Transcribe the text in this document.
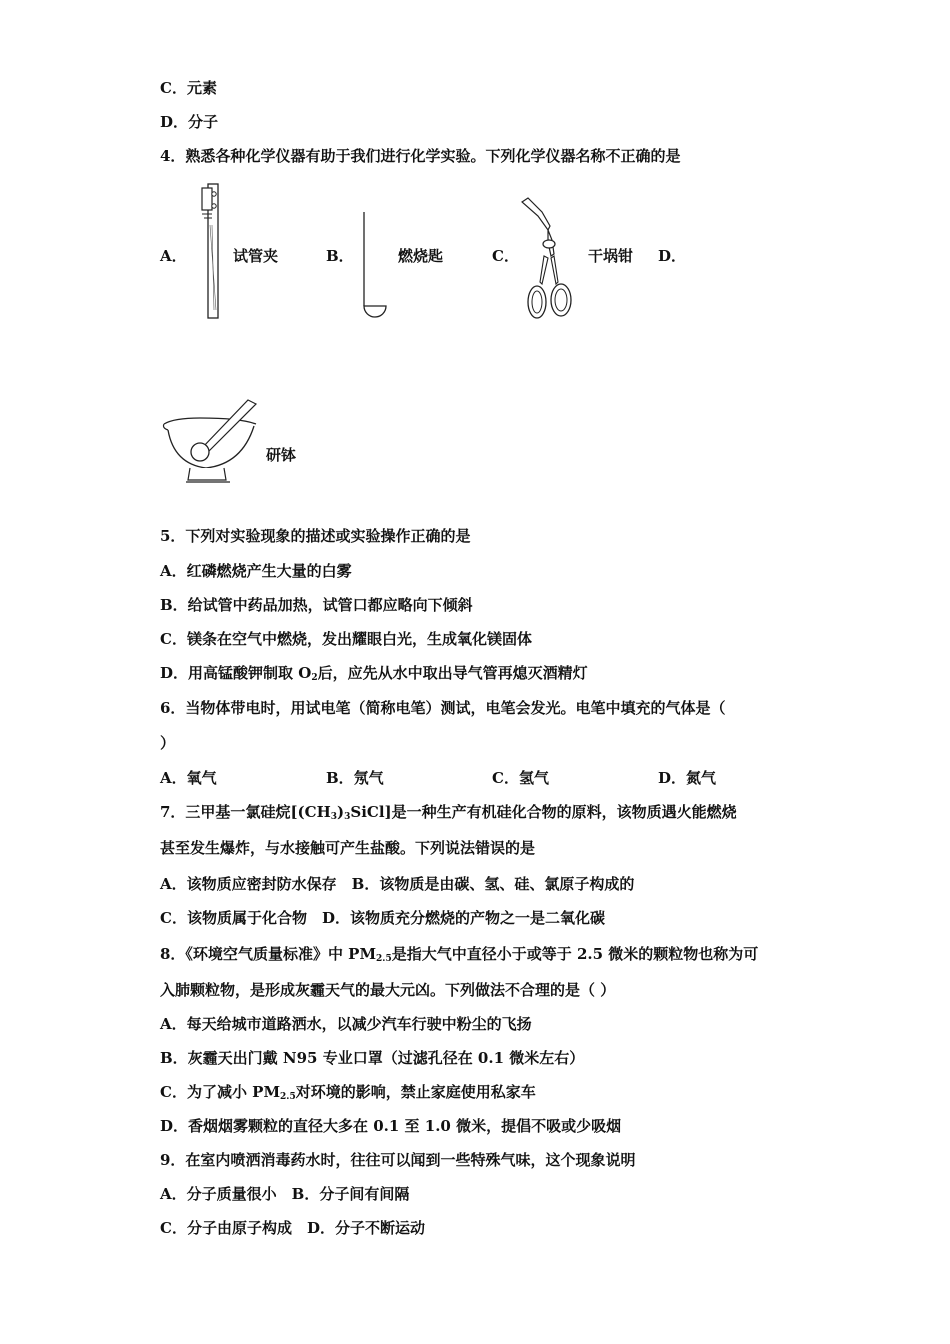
C．元素
D．分子
4．熟悉各种化学仪器有助于我们进行化学实验。下列化学仪器名称不正确的是
A．	试管夹	B．	燃烧匙	C．	干埚钳 D．
研钵
5．下列对实验现象的描述或实验操作正确的是
A．红磷燃烧产生大量的白雾
B．给试管中药品加热，试管口都应略向下倾斜
C．镁条在空气中燃烧，发出耀眼白光，生成氧化镁固体
D．用高锰酸钾制取 $O_2$后，应先从水中取出导气管再熄灭酒精灯
6．当物体带电时，用试电笔（简称电笔）测试，电笔会发光。电笔中填充的气体是（
）
A．氧气	B．氖气	C．氢气	D．氮气
7．三甲基一氯硅烷$[(CH_3)_3SiCl]$是一种生产有机硅化合物的原料，该物质遇火能燃烧
甚至发生爆炸，与水接触可产生盐酸。下列说法错误的是
A．该物质应密封防水保存　B．该物质是由碳、氢、硅、氯原子构成的
C．该物质属于化合物　D．该物质充分燃烧的产物之一是二氧化碳
8．《环境空气质量标准》中 $PM_{2.5}$是指大气中直径小于或等于 2.5 微米的颗粒物也称为可
入肺颗粒物，是形成灰霾天气的最大元凶。下列做法不合理的是（ ）
A．每天给城市道路洒水，以减少汽车行驶中粉尘的飞扬
B．灰霾天出门戴 N95 专业口罩（过滤孔径在 0.1 微米左右）
C．为了减小 $PM_{2.5}$对环境的影响，禁止家庭使用私家车
D．香烟烟雾颗粒的直径大多在 0.1 至 1.0 微米，提倡不吸或少吸烟
9．在室内喷洒消毒药水时，往往可以闻到一些特殊气味，这个现象说明
A．分子质量很小　B．分子间有间隔
C．分子由原子构成　D．分子不断运动
